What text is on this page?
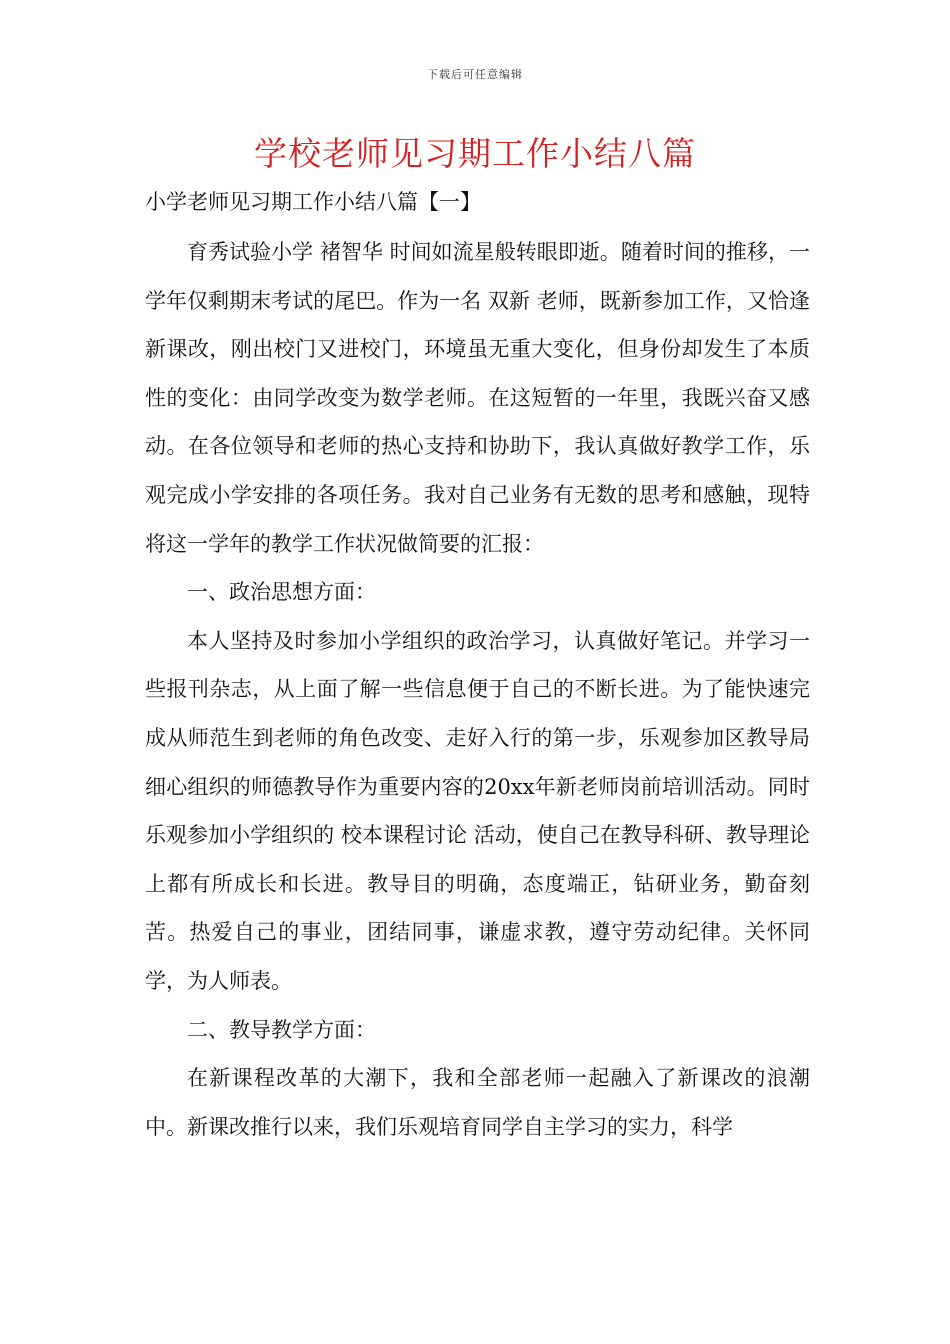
下载后可任意编辑
学校老师见习期工作小结八篇
小学老师见习期工作小结八篇【一】

育秀试验小学 褚智华 时间如流星般转眼即逝。随着时间的推移，一学年仅剩期末考试的尾巴。作为一名 双新 老师，既新参加工作，又恰逢新课改，刚出校门又进校门，环境虽无重大变化，但身份却发生了本质性的变化：由同学改变为数学老师。在这短暂的一年里，我既兴奋又感动。在各位领导和老师的热心支持和协助下，我认真做好教学工作，乐观完成小学安排的各项任务。我对自己业务有无数的思考和感触，现特将这一学年的教学工作状况做简要的汇报：

一、政治思想方面：

本人坚持及时参加小学组织的政治学习，认真做好笔记。并学习一些报刊杂志，从上面了解一些信息便于自己的不断长进。为了能快速完成从师范生到老师的角色改变、走好入行的第一步，乐观参加区教导局细心组织的师德教导作为重要内容的20xx年新老师岗前培训活动。同时乐观参加小学组织的 校本课程讨论 活动，使自己在教导科研、教导理论上都有所成长和长进。教导目的明确，态度端正，钻研业务，勤奋刻苦。热爱自己的事业，团结同事，谦虚求教，遵守劳动纪律。关怀同学，为人师表。

二、教导教学方面：

在新课程改革的大潮下，我和全部老师一起融入了新课改的浪潮中。新课改推行以来，我们乐观培育同学自主学习的实力，科学
